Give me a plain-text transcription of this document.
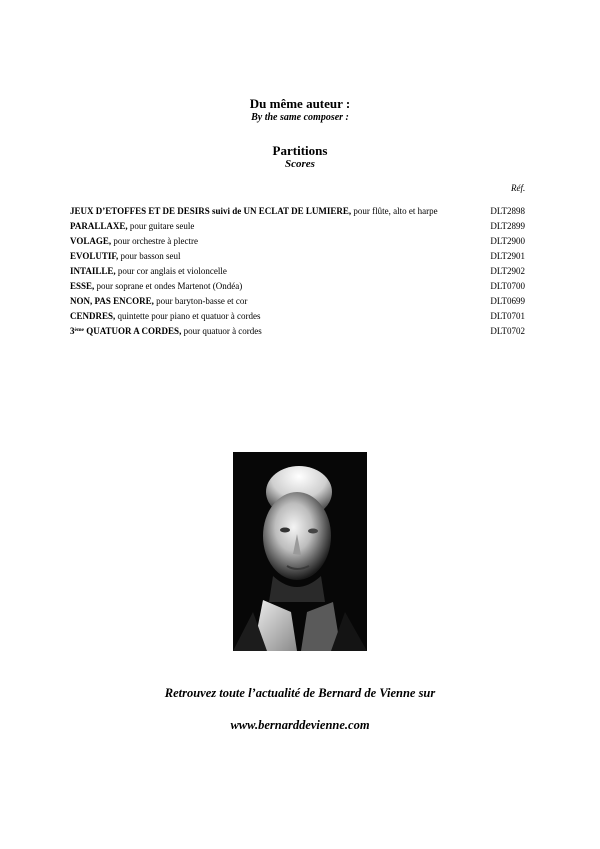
Du même auteur :
By the same composer :
Partitions
Scores
Réf.
JEUX D’ETOFFES ET DE DESIRS suivi de UN ECLAT DE LUMIERE, pour flûte, alto et harpe	DLT2898
PARALLAXE, pour guitare seule	DLT2899
VOLAGE, pour orchestre à plectre	DLT2900
EVOLUTIF, pour basson seul	DLT2901
INTAILLE, pour cor anglais et violoncelle	DLT2902
ESSE, pour soprane et ondes Martenot (Ondéa)	DLT0700
NON, PAS ENCORE, pour baryton-basse et cor	DLT0699
CENDRES, quintette pour piano et quatuor à cordes	DLT0701
3ème QUATUOR A CORDES, pour quatuor à cordes	DLT0702
Retrouvez toute l’actualité de Bernard de Vienne sur
www.bernarddevienne.com
